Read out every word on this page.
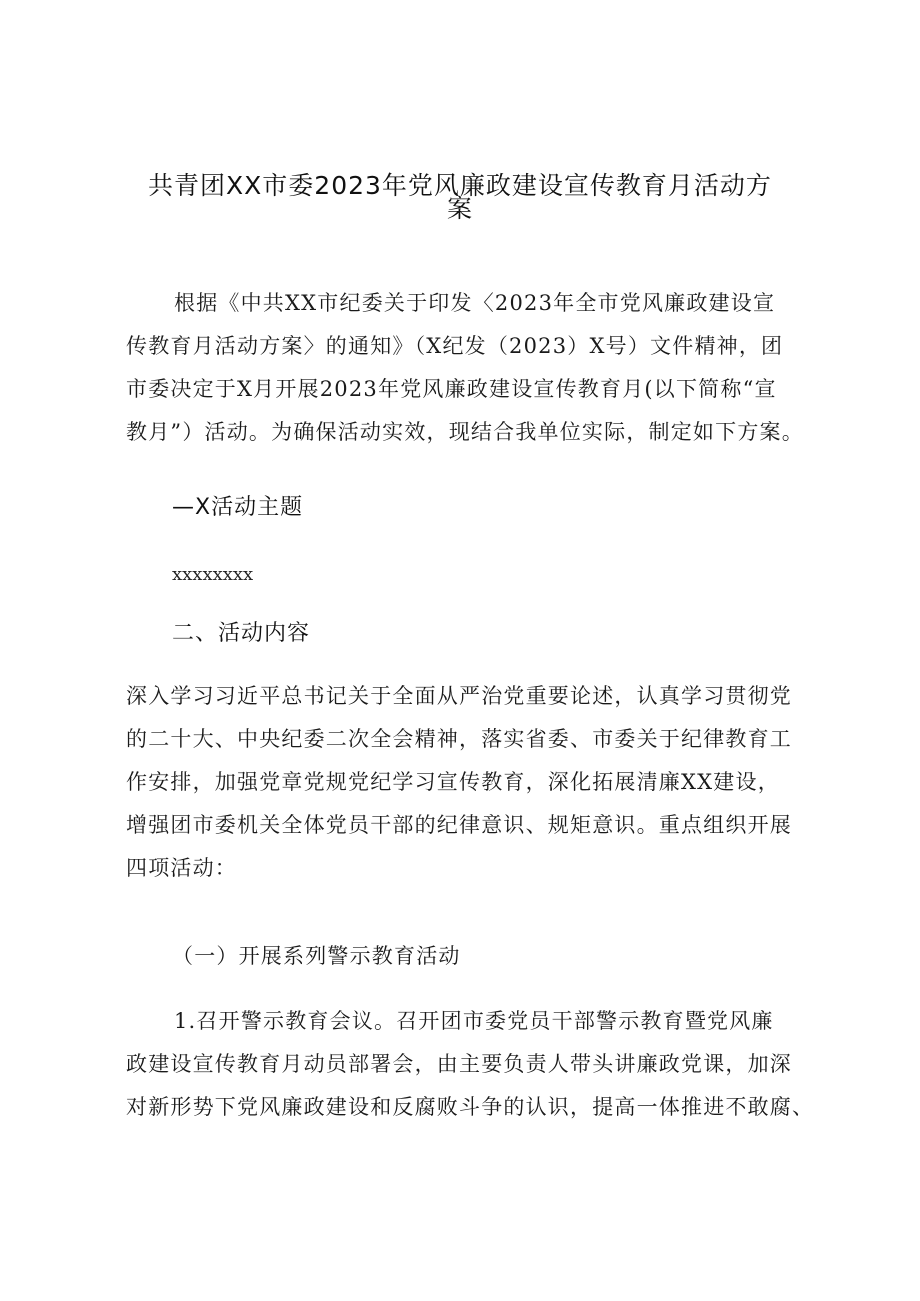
共青团XX市委2023年党风廉政建设宣传教育月活动方
案
根据《中共XX市纪委关于印发〈2023年全市党风廉政建设宣
传教育月活动方案〉的通知》（X纪发（2023）X号）文件精神，团
市委决定于X月开展2023年党风廉政建设宣传教育月(以下简称“宣
教月”）活动。为确保活动实效，现结合我单位实际，制定如下方案。
—X活动主题
xxxxxxxx
二、活动内容
深入学习习近平总书记关于全面从严治党重要论述，认真学习贯彻党
的二十大、中央纪委二次全会精神，落实省委、市委关于纪律教育工
作安排，加强党章党规党纪学习宣传教育，深化拓展清廉XX建设，
增强团市委机关全体党员干部的纪律意识、规矩意识。重点组织开展
四项活动：
（一）开展系列警示教育活动
1.召开警示教育会议。召开团市委党员干部警示教育暨党风廉
政建设宣传教育月动员部署会，由主要负责人带头讲廉政党课，加深
对新形势下党风廉政建设和反腐败斗争的认识，提高一体推进不敢腐、
